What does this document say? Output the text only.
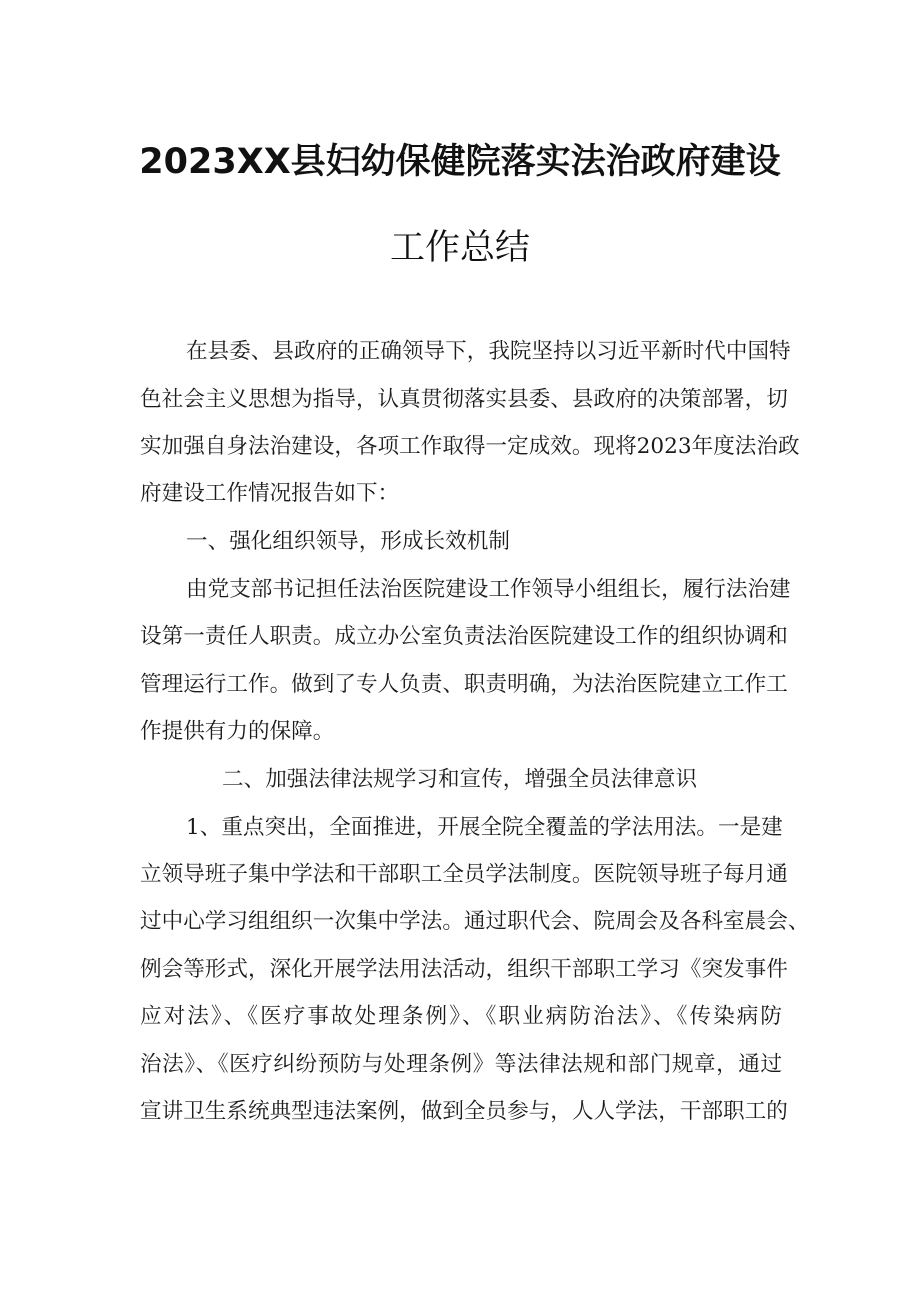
2023XX县妇幼保健院落实法治政府建设
工作总结
在县委、县政府的正确领导下，我院坚持以习近平新时代中国特
色社会主义思想为指导，认真贯彻落实县委、县政府的决策部署，切
实加强自身法治建设，各项工作取得一定成效。现将2023年度法治政
府建设工作情况报告如下：
一、强化组织领导，形成长效机制
由党支部书记担任法治医院建设工作领导小组组长，履行法治建
设第一责任人职责。成立办公室负责法治医院建设工作的组织协调和
管理运行工作。做到了专人负责、职责明确，为法治医院建立工作工
作提供有力的保障。
二、加强法律法规学习和宣传，增强全员法律意识
1、重点突出，全面推进，开展全院全覆盖的学法用法。一是建
立领导班子集中学法和干部职工全员学法制度。医院领导班子每月通
过中心学习组组织一次集中学法。通过职代会、院周会及各科室晨会、
例会等形式，深化开展学法用法活动，组织干部职工学习《突发事件
应对法》、《医疗事故处理条例》、《职业病防治法》、《传染病防
治法》、《医疗纠纷预防与处理条例》等法律法规和部门规章，通过
宣讲卫生系统典型违法案例，做到全员参与，人人学法，干部职工的
